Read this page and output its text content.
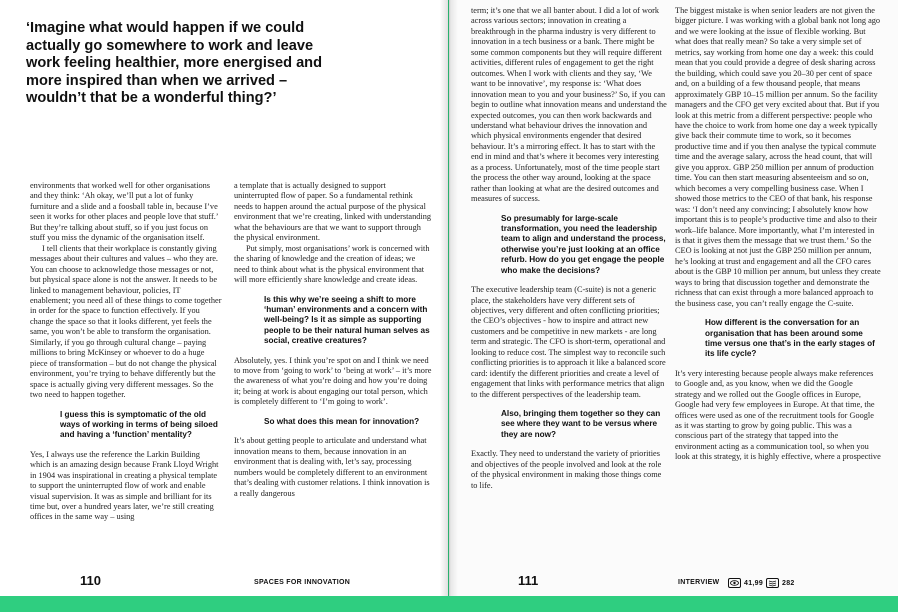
‘Imagine what would happen if we could actually go somewhere to work and leave work feeling healthier, more energised and more inspired than when we arrived – wouldn’t that be a wonderful thing?’

environments that worked well for other organisations and they think: ‘Ah okay, we’ll put a lot of funky furniture and a slide and a foosball table in, because I’ve seen it works for other places and people love that stuff.’ But they’re talking about stuff, so if you just focus on stuff you miss the dynamic of the organisation itself.

I tell clients that their workplace is constantly giving messages about their cultures and values – who they are. You can choose to acknowledge those messages or not, but physical space alone is not the answer. It needs to be linked to management behaviour, policies, IT enablement; you need all of these things to come together in order for the space to function effectively. If you change the space so that it looks different, yet feels the same, you won’t be able to transform the organisation. Similarly, if you go through cultural change – paying millions to bring McKinsey or whoever to do a huge piece of transformation – but do not change the physical environment, you’re trying to behave differently but the space is actually giving very different messages. So the two need to happen together.

I guess this is symptomatic of the old ways of working in terms of being siloed and having a ‘function’ mentality?

Yes, I always use the reference the Larkin Building which is an amazing design because Frank Lloyd Wright in 1904 was inspirational in creating a physical template to support the uninterrupted flow of work and enable visual supervision. It was as simple and brilliant for its time but, over a hundred years later, we’re still creating offices in the same way – using

a template that is actually designed to support uninterrupted flow of paper. So a fundamental rethink needs to happen around the actual purpose of the physical environment that we’re creating, linked with understanding what the behaviours are that we want to support through the physical environment.

Put simply, most organisations’ work is concerned with the sharing of knowledge and the creation of ideas; we need to think about what is the physical environment that will more efficiently share knowledge and create ideas.

Is this why we’re seeing a shift to more ‘human’ environments and a concern with well-being? Is it as simple as supporting people to be their natural human selves as social, creative creatures?

Absolutely, yes. I think you’re spot on and I think we need to move from ‘going to work’ to ‘being at work’ – it’s more the awareness of what you’re doing and how you’re doing it; being at work is about engaging our total person, which is completely different to ‘I’m going to work’.

So what does this mean for innovation?

It’s about getting people to articulate and understand what innovation means to them, because innovation in an environment that is dealing with, let’s say, processing numbers would be completely different to an environment that’s dealing with customer relations. I think innovation is a really dangerous

110	SPACES FOR INNOVATION

term; it’s one that we all banter about. I did a lot of work across various sectors; innovation in creating a breakthrough in the pharma industry is very different to innovation in a tech business or a bank. There might be some common components but they will require different activities, different rules of engagement to get the right outcomes. When I work with clients and they say, ‘We want to be innovative’, my response is: ‘What does innovation mean to you and your business?’ So, if you can begin to outline what innovation means and understand the expected outcomes, you can then work backwards and understand what behaviour drives the innovation and which physical environments engender that desired behaviour. It’s a mirroring effect. It has to start with the end in mind and that’s where it becomes very interesting as a process. Unfortunately, most of the time people start the process the other way around, looking at the space rather than looking at what are the desired outcomes and measures of success.

So presumably for large-scale transformation, you need the leadership team to align and understand the process, otherwise you’re just looking at an office refurb. How do you get engage the people who make the decisions?

The executive leadership team (C-suite) is not a generic place, the stakeholders have very different sets of objectives, very different and often conflicting priorities; the CEO’s objectives - how to inspire and attract new customers and be competitive in new markets - are long term and strategic. The CFO is short-term, operational and looking to reduce cost. The simplest way to reconcile such conflicting priorities is to approach it like a balanced score card: identify the different priorities and create a level of engagement that links with performance metrics that align to the different perspectives of the leadership team.

Also, bringing them together so they can see where they want to be versus where they are now?

Exactly. They need to understand the variety of priorities and objectives of the people involved and look at the role of the physical environment in making those things come to life.

The biggest mistake is when senior leaders are not given the bigger picture. I was working with a global bank not long ago and we were looking at the issue of flexible working. But what does that really mean? So take a very simple set of metrics, say working from home one day a week: this could mean that you could provide a degree of desk sharing across the building, which could save you 20–30 per cent of space and, on a building of a few thousand people, that means approximately GBP 10–15 million per annum. So the facility managers and the CFO get very excited about that. But if you look at this metric from a different perspective: people who have the choice to work from home one day a week typically give back their commute time to work, so it becomes productive time and if you then analyse the typical commute time and the average salary, across the head count, that will give you approx. GBP 250 million per annum of production time. You can then start measuring absenteeism and so on, which becomes a very compelling business case. When I showed those metrics to the CEO of that bank, his response was: ‘I don’t need any convincing; I absolutely know how important this is to people’s productive time and also to their work–life balance. More importantly, what I’m interested in is that it gives them the message that we trust them.’ So the CEO is looking at not just the GBP 250 million per annum, he’s looking at trust and engagement and all the CFO cares about is the GBP 10 million per annum, but unless they create ways to bring that discussion together and demonstrate the richness that can exist through a more balanced approach to the business case, you can’t really engage the C-suite.

How different is the conversation for an organisation that has been around some time versus one that’s in the early stages of its life cycle?

It’s very interesting because people always make references to Google and, as you know, when we did the Google strategy and we rolled out the Google offices in Europe, Google had very few employees in Europe. At that time, the offices were used as one of the recruitment tools for Google as it was starting to grow by going public. This was a conscious part of the strategy that tapped into the environment acting as a communication tool, so when you look at this strategy, it is highly effective, where a prospective

111	INTERVIEW	41,99	282
